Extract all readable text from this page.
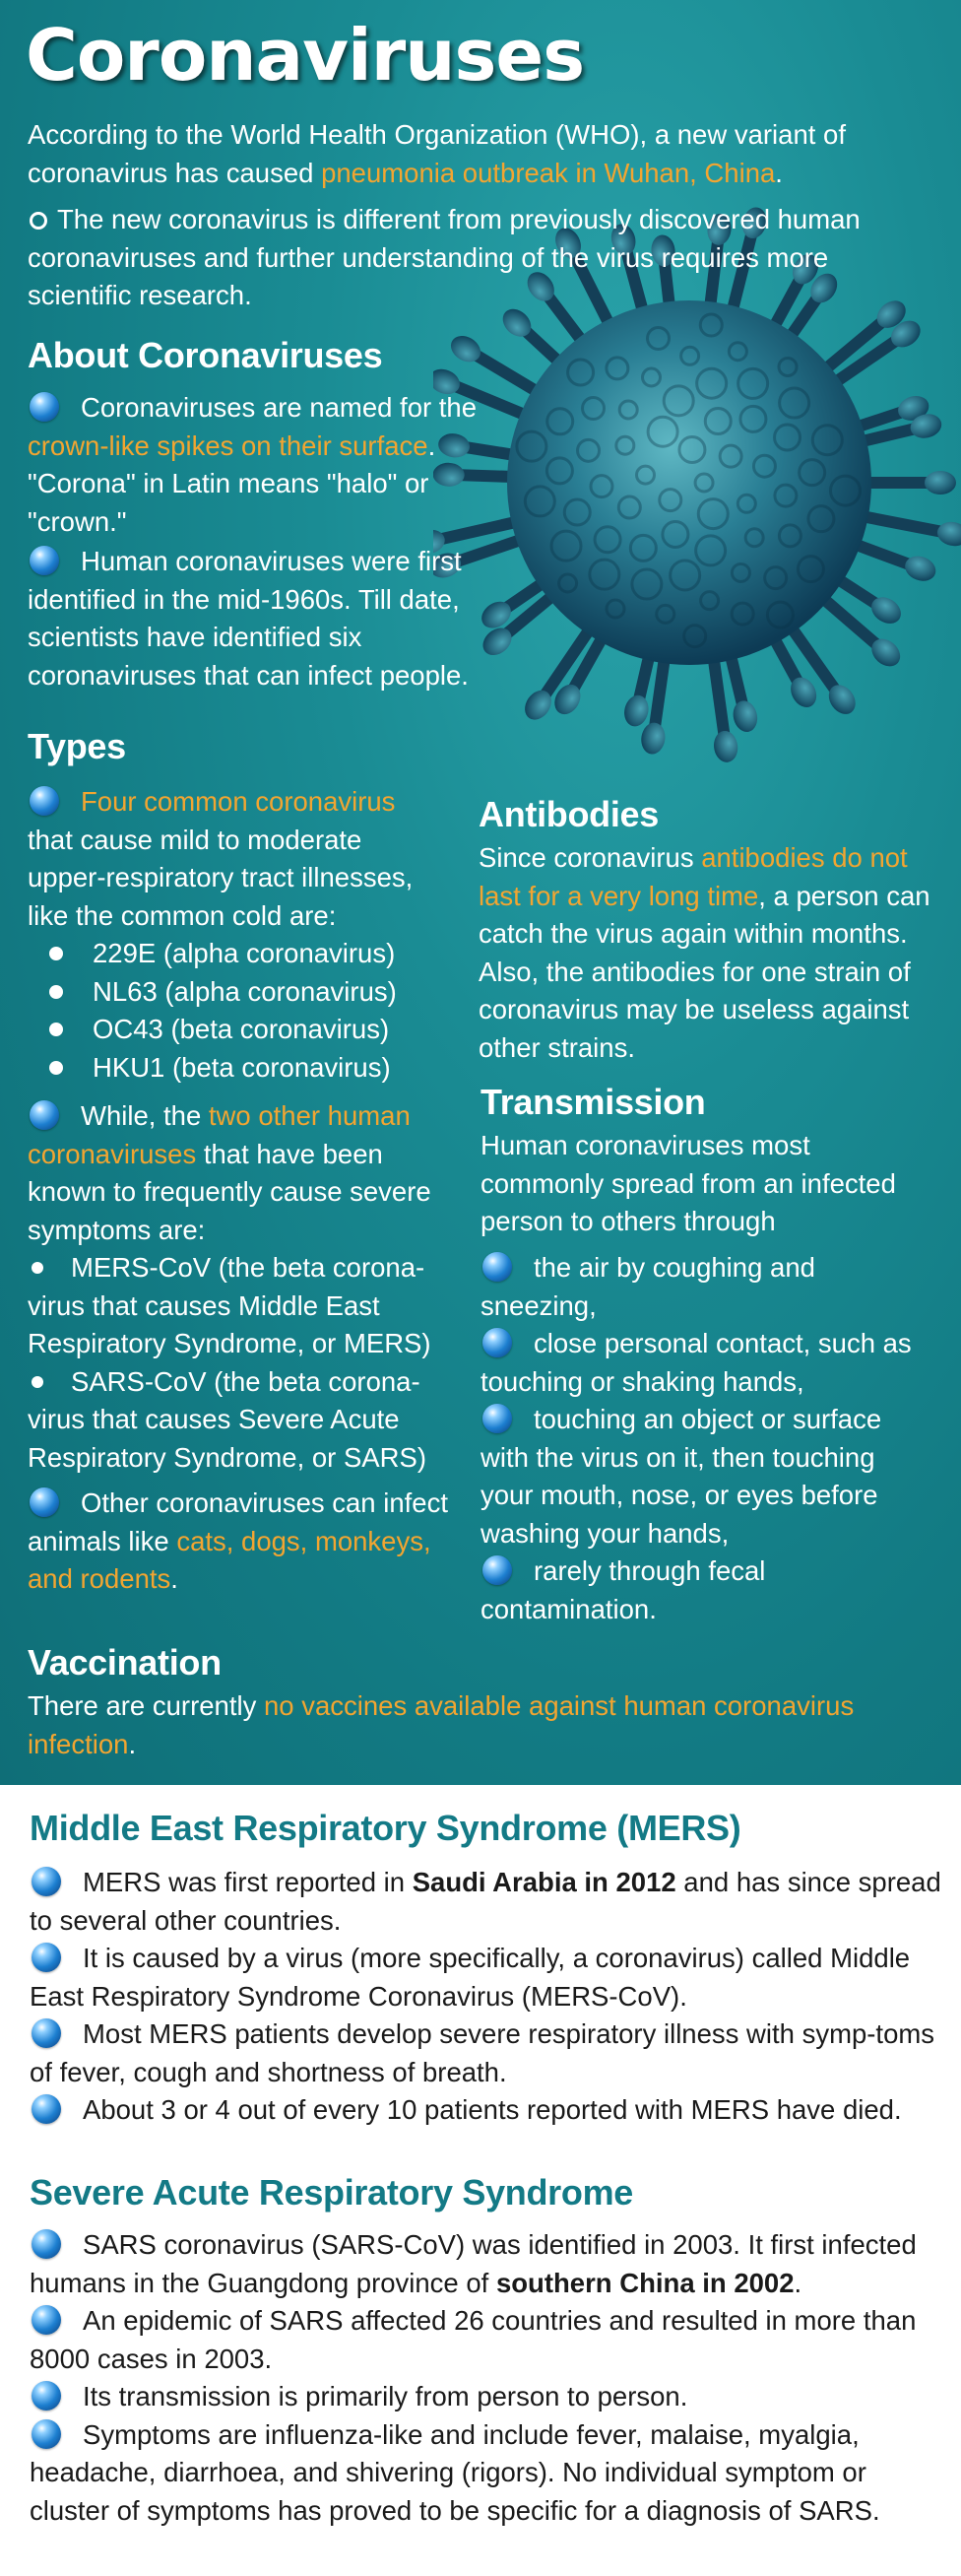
Coronaviruses
According to the World Health Organization (WHO), a new variant of coronavirus has caused pneumonia outbreak in Wuhan, China.
The new coronavirus is different from previously discovered human coronaviruses and further understanding of the virus requires more scientific research.
About Coronaviruses
Coronaviruses are named for the crown-like spikes on their surface. "Corona" in Latin means "halo" or "crown."
Human coronaviruses were first identified in the mid-1960s. Till date, scientists have identified six coronaviruses that can infect people.
Types
Four common coronavirus that cause mild to moderate upper-respiratory tract illnesses, like the common cold are:
229E (alpha coronavirus)
NL63 (alpha coronavirus)
OC43 (beta coronavirus)
HKU1 (beta coronavirus)
While, the two other human coronaviruses that have been known to frequently cause severe symptoms are:
MERS-CoV (the beta corona-virus that causes Middle East Respiratory Syndrome, or MERS)
SARS-CoV (the beta corona-virus that causes Severe Acute Respiratory Syndrome, or SARS)
Other coronaviruses can infect animals like cats, dogs, monkeys, and rodents.
Antibodies
Since coronavirus antibodies do not last for a very long time, a person can catch the virus again within months. Also, the antibodies for one strain of coronavirus may be useless against other strains.
Transmission
Human coronaviruses most commonly spread from an infected person to others through
the air by coughing and sneezing,
close personal contact, such as touching or shaking hands,
touching an object or surface with the virus on it, then touching your mouth, nose, or eyes before washing your hands,
rarely through fecal contamination.
Vaccination
There are currently no vaccines available against human coronavirus infection.
Middle East Respiratory Syndrome (MERS)
MERS was first reported in Saudi Arabia in 2012 and has since spread to several other countries.
It is caused by a virus (more specifically, a coronavirus) called Middle East Respiratory Syndrome Coronavirus (MERS-CoV).
Most MERS patients develop severe respiratory illness with symp-toms of fever, cough and shortness of breath.
About 3 or 4 out of every 10 patients reported with MERS have died.
Severe Acute Respiratory Syndrome
SARS coronavirus (SARS-CoV) was identified in 2003. It first infected humans in the Guangdong province of southern China in 2002.
An epidemic of SARS affected 26 countries and resulted in more than 8000 cases in 2003.
Its transmission is primarily from person to person.
Symptoms are influenza-like and include fever, malaise, myalgia, headache, diarrhoea, and shivering (rigors). No individual symptom or cluster of symptoms has proved to be specific for a diagnosis of SARS.
